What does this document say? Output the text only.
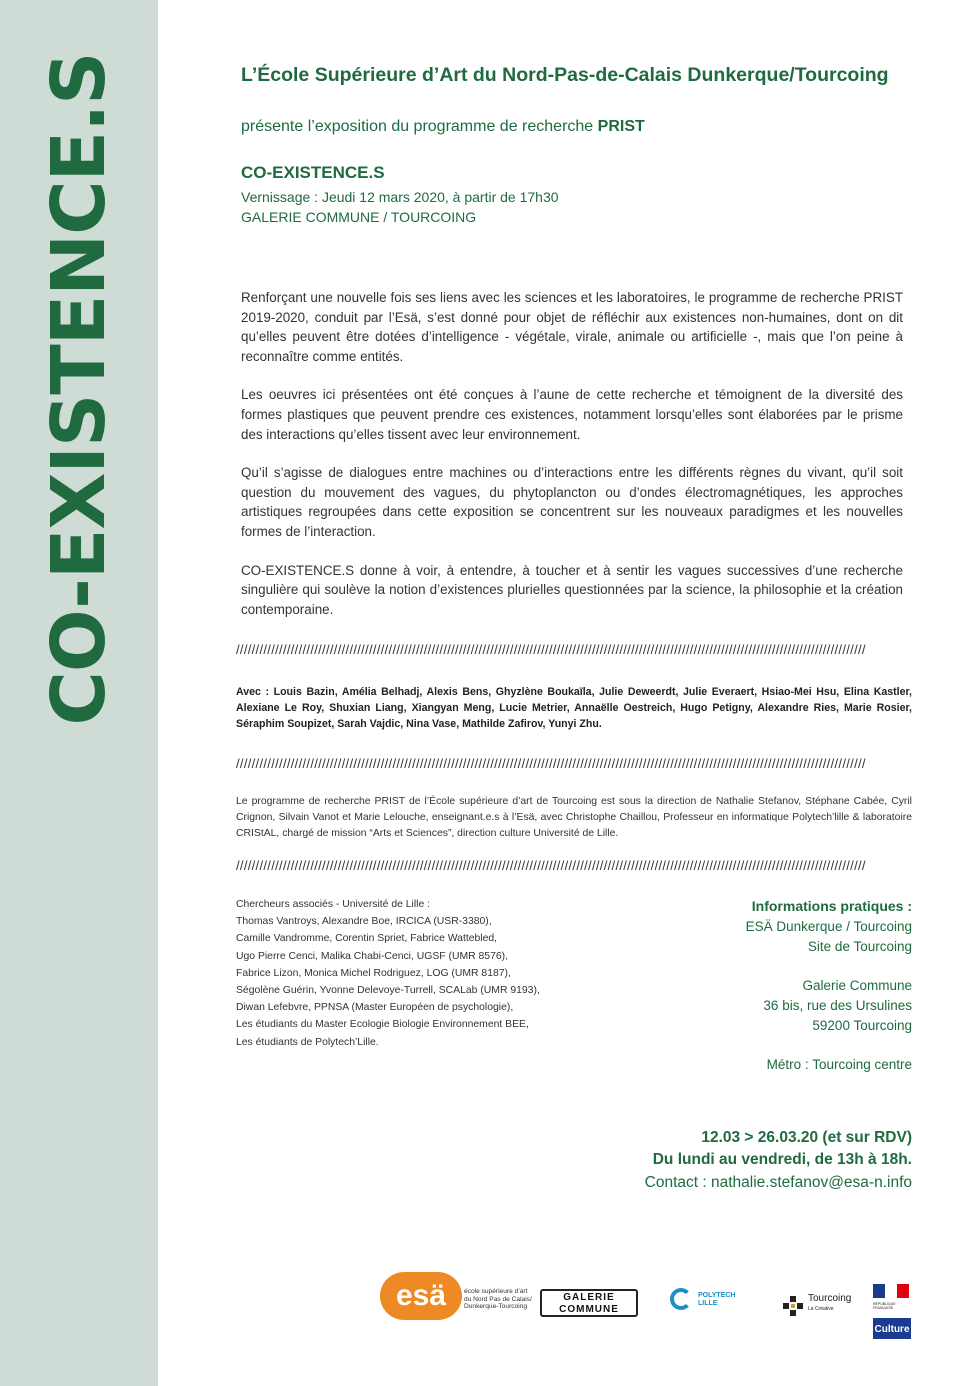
CO-EXISTENCE.S	L’École Supérieure d’Art du Nord-Pas-de-Calais Dunkerque/Tourcoing
présente l’exposition du programme de recherche PRIST
CO-EXISTENCE.S
Vernissage : Jeudi 12 mars 2020, à partir de 17h30
GALERIE COMMUNE / TOURCOING

Renforçant une nouvelle fois ses liens avec les sciences et les laboratoires, le programme de recherche PRIST 2019-2020, conduit par l’Esä, s’est donné pour objet de réfléchir aux existences non-humaines, dont on dit qu’elles peuvent être dotées d’intelligence - végétale, virale, animale ou artificielle -, mais que l’on peine à reconnaître comme entités.

Les oeuvres ici présentées ont été conçues à l’aune de cette recherche et témoignent de la diversité des formes plastiques que peuvent prendre ces existences, notamment lorsqu’elles sont élaborées par le prisme des interactions qu’elles tissent avec leur environnement.

Qu’il s’agisse de dialogues entre machines ou d’interactions entre les différents règnes du vivant, qu’il soit question du mouvement des vagues, du phytoplancton ou d’ondes électromagnétiques, les approches artistiques regroupées dans cette exposition se concentrent sur les nouveaux paradigmes et les nouvelles formes de l’interaction.

CO-EXISTENCE.S donne à voir, à entendre, à toucher et à sentir les vagues successives d’une recherche singulière qui soulève la notion d’existences plurielles questionnées par la science, la philosophie et la création contemporaine.

/////////////////////////////////////////////////////////////////////////////////////////////////////////////////////////////////////////////////////////////////
Avec : Louis Bazin, Amélia Belhadj, Alexis Bens, Ghyzlène Boukaïla, Julie Deweerdt, Julie Everaert, Hsiao-Mei Hsu, Elina Kastler, Alexiane Le Roy, Shuxian Liang, Xiangyan Meng, Lucie Metrier, Annaëlle Oestreich, Hugo Petigny, Alexandre Ries, Marie Rosier, Séraphim Soupizet, Sarah Vajdic, Nina Vase, Mathilde Zafirov, Yunyi Zhu.
/////////////////////////////////////////////////////////////////////////////////////////////////////////////////////////////////////////////////////////////////
Le programme de recherche PRIST de l’École supérieure d’art de Tourcoing est sous la direction de Nathalie Stefanov, Stéphane Cabée, Cyril Crignon, Silvain Vanot et Marie Lelouche, enseignant.e.s à l’Esä, avec Christophe Chaillou, Professeur en informatique Polytech’lille & laboratoire CRIStAL, chargé de mission “Arts et Sciences”, direction culture Université de Lille.
/////////////////////////////////////////////////////////////////////////////////////////////////////////////////////////////////////////////////////////////////
Chercheurs associés - Université de Lille :
Thomas Vantroys, Alexandre Boe, IRCICA (USR-3380),
Camille Vandromme, Corentin Spriet, Fabrice Wattebled,
Ugo Pierre Cenci, Malika Chabi-Cenci, UGSF (UMR 8576),
Fabrice Lizon, Monica Michel Rodriguez, LOG (UMR 8187),
Ségolène Guérin, Yvonne Delevoye-Turrell, SCALab (UMR 9193),
Diwan Lefebvre, PPNSA (Master Européen de psychologie),
Les étudiants du Master Ecologie Biologie Environnement BEE,
Les étudiants de Polytech’Lille.
Informations pratiques :
ESÄ Dunkerque / Tourcoing
Site de Tourcoing
Galerie Commune
36 bis, rue des Ursulines
59200 Tourcoing
Métro : Tourcoing centre
12.03 > 26.03.20 (et sur RDV)
Du lundi au vendredi, de 13h à 18h.
Contact : nathalie.stefanov@esa-n.info
esä	école supérieure d’art
du Nord Pas de Calais/
Dunkerque-Tourcoing
GALERIE
COMMUNE
POLYTECH
LILLE	Tourcoing
La Créative
RÉPUBLIQUE FRANÇAISE
Culture
